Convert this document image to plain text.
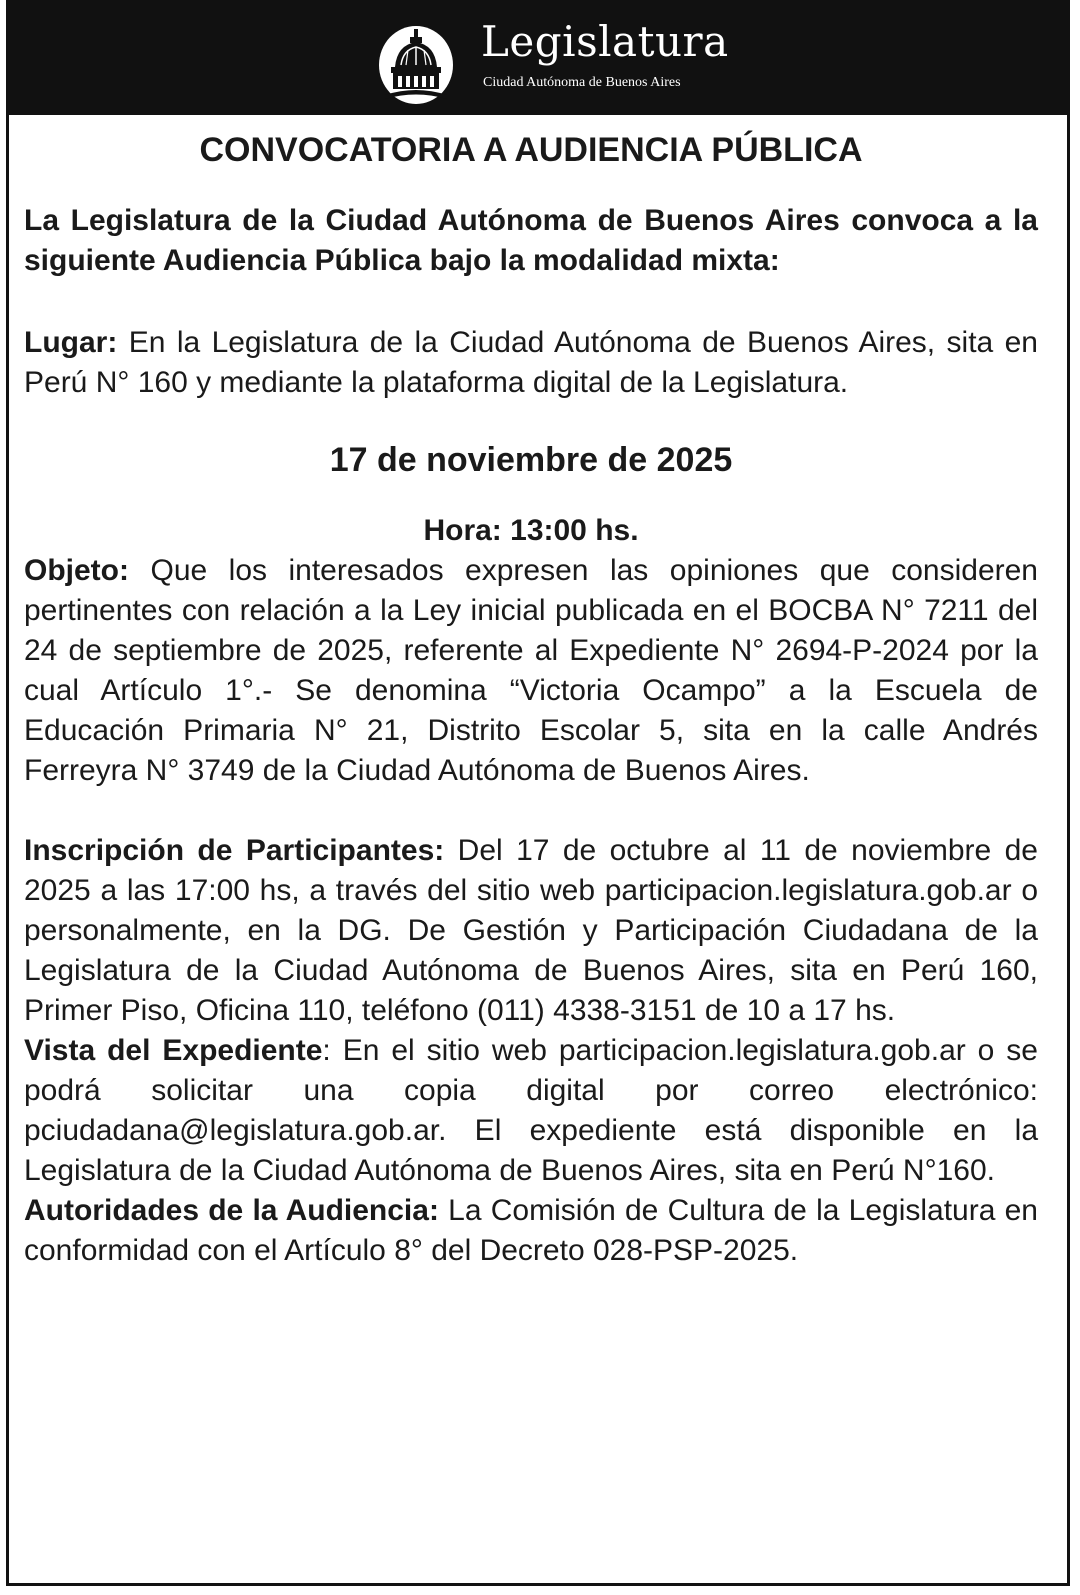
Legislatura
Ciudad Autónoma de Buenos Aires
CONVOCATORIA A AUDIENCIA PÚBLICA
La Legislatura de la Ciudad Autónoma de Buenos Aires convoca a la siguiente Audiencia Pública bajo la modalidad mixta:

Lugar: En la Legislatura de la Ciudad Autónoma de Buenos Aires, sita en Perú N° 160 y mediante la plataforma digital de la Legislatura.

17 de noviembre de 2025
Hora: 13:00 hs.

Objeto: Que los interesados expresen las opiniones que consideren pertinentes con relación a la Ley inicial publicada en el BOCBA N° 7211 del 24 de septiembre de 2025, referente al Expediente N° 2694-P-2024 por la cual Artículo 1°.- Se denomina “Victoria Ocampo” a la Escuela de Educación Primaria N° 21, Distrito Escolar 5, sita en la calle Andrés Ferreyra N° 3749 de la Ciudad Autónoma de Buenos Aires.

Inscripción de Participantes: Del 17 de octubre al 11 de noviembre de 2025 a las 17:00 hs, a través del sitio web participacion.legislatura.gob.ar o personalmente, en la DG. De Gestión y Participación Ciudadana de la Legislatura de la Ciudad Autónoma de Buenos Aires, sita en Perú 160, Primer Piso, Oficina 110, teléfono (011) 4338-3151 de 10 a 17 hs.

Vista del Expediente: En el sitio web participacion.legislatura.gob.ar o se podrá solicitar una copia digital por correo electrónico: pciudadana@legislatura.gob.ar. El expediente está disponible en la Legislatura de la Ciudad Autónoma de Buenos Aires, sita en Perú N°160.

Autoridades de la Audiencia: La Comisión de Cultura de la Legislatura en conformidad con el Artículo 8° del Decreto 028-PSP-2025.
